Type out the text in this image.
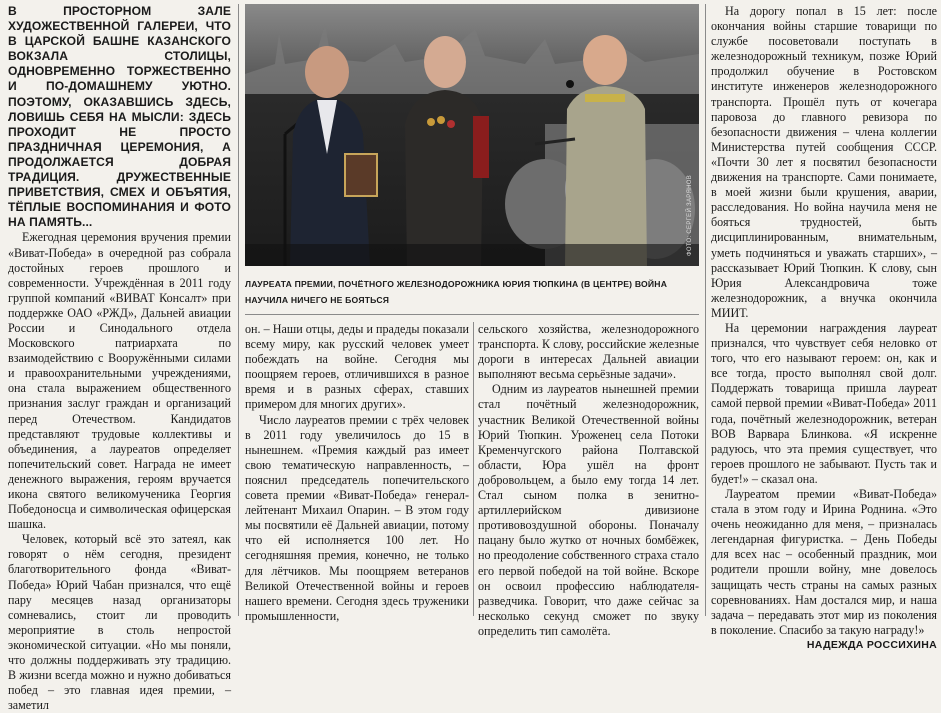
В ПРОСТОРНОМ ЗАЛЕ ХУДОЖЕСТВЕННОЙ ГАЛЕРЕИ, ЧТО В ЦАРСКОЙ БАШНЕ КАЗАНСКОГО ВОКЗАЛА СТОЛИЦЫ, ОДНОВРЕМЕННО ТОРЖЕСТВЕННО И ПО-ДОМАШНЕМУ УЮТНО. ПОЭТОМУ, ОКАЗАВШИСЬ ЗДЕСЬ, ЛОВИШЬ СЕБЯ НА МЫСЛИ: ЗДЕСЬ ПРОХОДИТ НЕ ПРОСТО ПРАЗДНИЧНАЯ ЦЕРЕМОНИЯ, А ПРОДОЛЖАЕТСЯ ДОБРАЯ ТРАДИЦИЯ. ДРУЖЕСТВЕННЫЕ ПРИВЕТСТВИЯ, СМЕХ И ОБЪЯТИЯ, ТЁПЛЫЕ ВОСПОМИНАНИЯ И ФОТО НА ПАМЯТЬ...

Ежегодная церемония вручения премии «Виват-Победа» в очередной раз собрала достойных героев прошлого и современности. Учреждённая в 2011 году группой компаний «ВИВАТ Консалт» при поддержке ОАО «РЖД», Дальней авиации России и Синодального отдела Московского патриархата по взаимодействию с Вооружёнными силами и правоохранительными учреждениями, она стала выражением общественного признания заслуг граждан и организаций перед Отечеством. Кандидатов представляют трудовые коллективы и объединения, а лауреатов определяет попечительский совет. Награда не имеет денежного выражения, героям вручается икона святого великомученика Георгия Победоносца и символическая офицерская шашка.

Человек, который всё это затеял, как говорят о нём сегодня, президент благотворительного фонда «Виват-Победа» Юрий Чабан признался, что ещё пару месяцев назад организаторы сомневались, стоит ли проводить мероприятие в столь непростой экономической ситуации. «Но мы поняли, что должны поддерживать эту традицию. В жизни всегда можно и нужно добиваться побед – это главная идея премии, – заметил

ФОТО: СЕРГЕЙ ЗАРЯНОВ
ЛАУРЕАТА ПРЕМИИ, ПОЧЁТНОГО ЖЕЛЕЗНОДОРОЖНИКА ЮРИЯ ТЮПКИНА (В ЦЕНТРЕ) ВОЙНА НАУЧИЛА НИЧЕГО НЕ БОЯТЬСЯ

он. – Наши отцы, деды и прадеды показали всему миру, как русский человек умеет побеждать на войне. Сегодня мы поощряем героев, отличившихся в разное время и в разных сферах, ставших примером для многих других».

Число лауреатов премии с трёх человек в 2011 году увеличилось до 15 в нынешнем. «Премия каждый раз имеет свою тематическую направленность, – пояснил председатель попечительского совета премии «Виват-Победа» генерал-лейтенант Михаил Опарин. – В этом году мы посвятили её Дальней авиации, потому что ей исполняется 100 лет. Но сегодняшняя премия, конечно, не только для лётчиков. Мы поощряем ветеранов Великой Отечественной войны и героев нашего времени. Сегодня здесь труженики промышленности,

сельского хозяйства, железнодорожного транспорта. К слову, российские железные дороги в интересах Дальней авиации выполняют весьма серьёзные задачи».

Одним из лауреатов нынешней премии стал почётный железнодорожник, участник Великой Отечественной войны Юрий Тюпкин. Уроженец села Потоки Кременчугского района Полтавской области, Юра ушёл на фронт добровольцем, а было ему тогда 14 лет. Стал сыном полка в зенитно-артиллерийском дивизионе противовоздушной обороны. Поначалу пацану было жутко от ночных бомбёжек, но преодоление собственного страха стало его первой победой на той войне. Вскоре он освоил профессию наблюдателя-разведчика. Говорит, что даже сейчас за несколько секунд сможет по звуку определить тип самолёта.

На дорогу попал в 15 лет: после окончания войны старшие товарищи по службе посоветовали поступать в железнодорожный техникум, позже Юрий продолжил обучение в Ростовском институте инженеров железнодорожного транспорта. Прошёл путь от кочегара паровоза до главного ревизора по безопасности движения – члена коллегии Министерства путей сообщения СССР. «Почти 30 лет я посвятил безопасности движения на транспорте. Сами понимаете, в моей жизни были крушения, аварии, расследования. Но война научила меня не бояться трудностей, быть дисциплинированным, внимательным, уметь подчиняться и уважать старших», – рассказывает Юрий Тюпкин. К слову, сын Юрия Александровича тоже железнодорожник, а внучка окончила МИИТ.

На церемонии награждения лауреат признался, что чувствует себя неловко от того, что его называют героем: он, как и все тогда, просто выполнял свой долг. Поддержать товарища пришла лауреат самой первой премии «Виват-Победа» 2011 года, почётный железнодорожник, ветеран ВОВ Варвара Блинкова. «Я искренне радуюсь, что эта премия существует, что героев прошлого не забывают. Пусть так и будет!» – сказал она.

Лауреатом премии «Виват-Победа» стала в этом году и Ирина Роднина. «Это очень неожиданно для меня, – призналась легендарная фигуристка. – День Победы для всех нас – особенный праздник, мои родители прошли войну, мне довелось защищать честь страны на самых разных соревнованиях. Нам достался мир, и наша задача – передавать этот мир из поколения в поколение. Спасибо за такую награду!»

НАДЕЖДА РОССИХИНА
